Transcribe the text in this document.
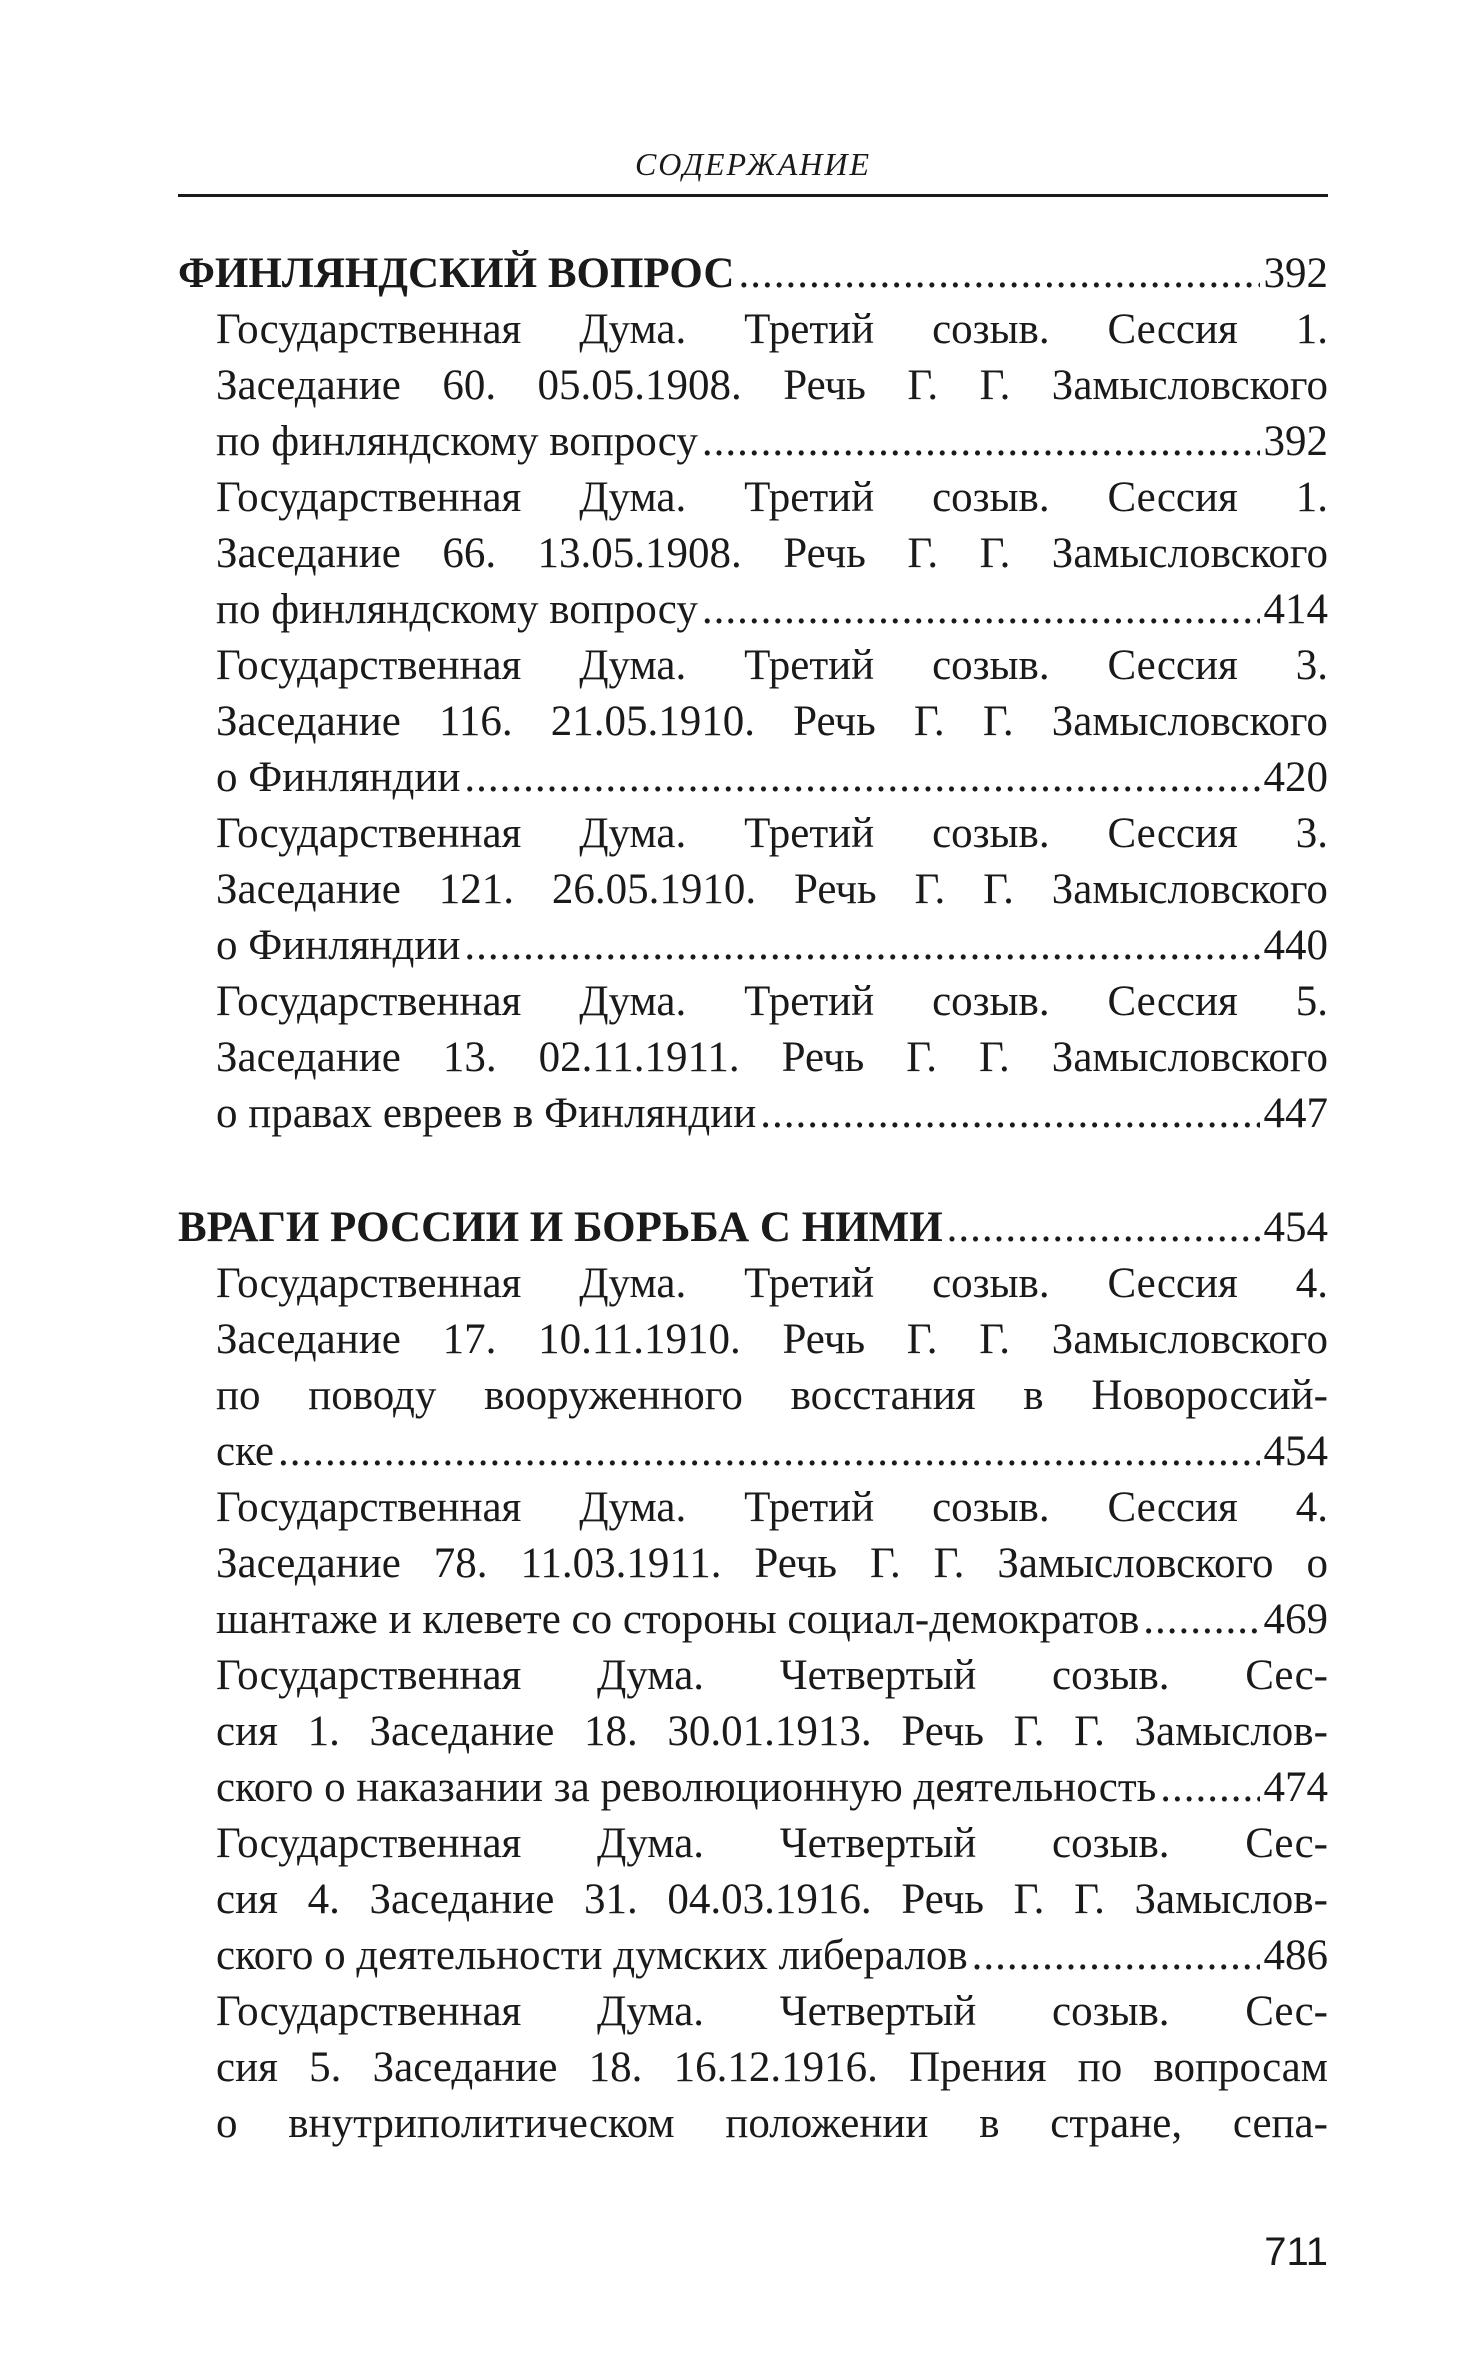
СОДЕРЖАНИЕ
ФИНЛЯНДСКИЙ ВОПРОС .....	392
Государственная Дума. Третий созыв. Сессия 1.
Заседание 60. 05.05.1908. Речь Г. Г. Замысловского
по финляндскому вопросу .....	392
Государственная Дума. Третий созыв. Сессия 1.
Заседание 66. 13.05.1908. Речь Г. Г. Замысловского
по финляндскому вопросу .....	414
Государственная Дума. Третий созыв. Сессия 3.
Заседание 116. 21.05.1910. Речь Г. Г. Замысловского
о Финляндии .....	420
Государственная Дума. Третий созыв. Сессия 3.
Заседание 121. 26.05.1910. Речь Г. Г. Замысловского
о Финляндии .....	440
Государственная Дума. Третий созыв. Сессия 5.
Заседание 13. 02.11.1911. Речь Г. Г. Замысловского
о правах евреев в Финляндии .....	447
ВРАГИ РОССИИ И БОРЬБА С НИМИ .....	454
Государственная Дума. Третий созыв. Сессия 4.
Заседание 17. 10.11.1910. Речь Г. Г. Замысловского
по поводу вооруженного восстания в Новороссий-
ске .....	454
Государственная Дума. Третий созыв. Сессия 4.
Заседание 78. 11.03.1911. Речь Г. Г. Замысловского о
шантаже и клевете со стороны социал-демократов .....	469
Государственная Дума. Четвертый созыв. Сес-
сия 1. Заседание 18. 30.01.1913. Речь Г. Г. Замыслов-
ского о наказании за революционную деятельность ..... 474
Государственная Дума. Четвертый созыв. Сес-
сия 4. Заседание 31. 04.03.1916. Речь Г. Г. Замыслов-
ского о деятельности думских либералов .....	486
Государственная Дума. Четвертый созыв. Сес-
сия 5. Заседание 18. 16.12.1916. Прения по вопросам
о внутриполитическом положении в стране, сепа-
711
